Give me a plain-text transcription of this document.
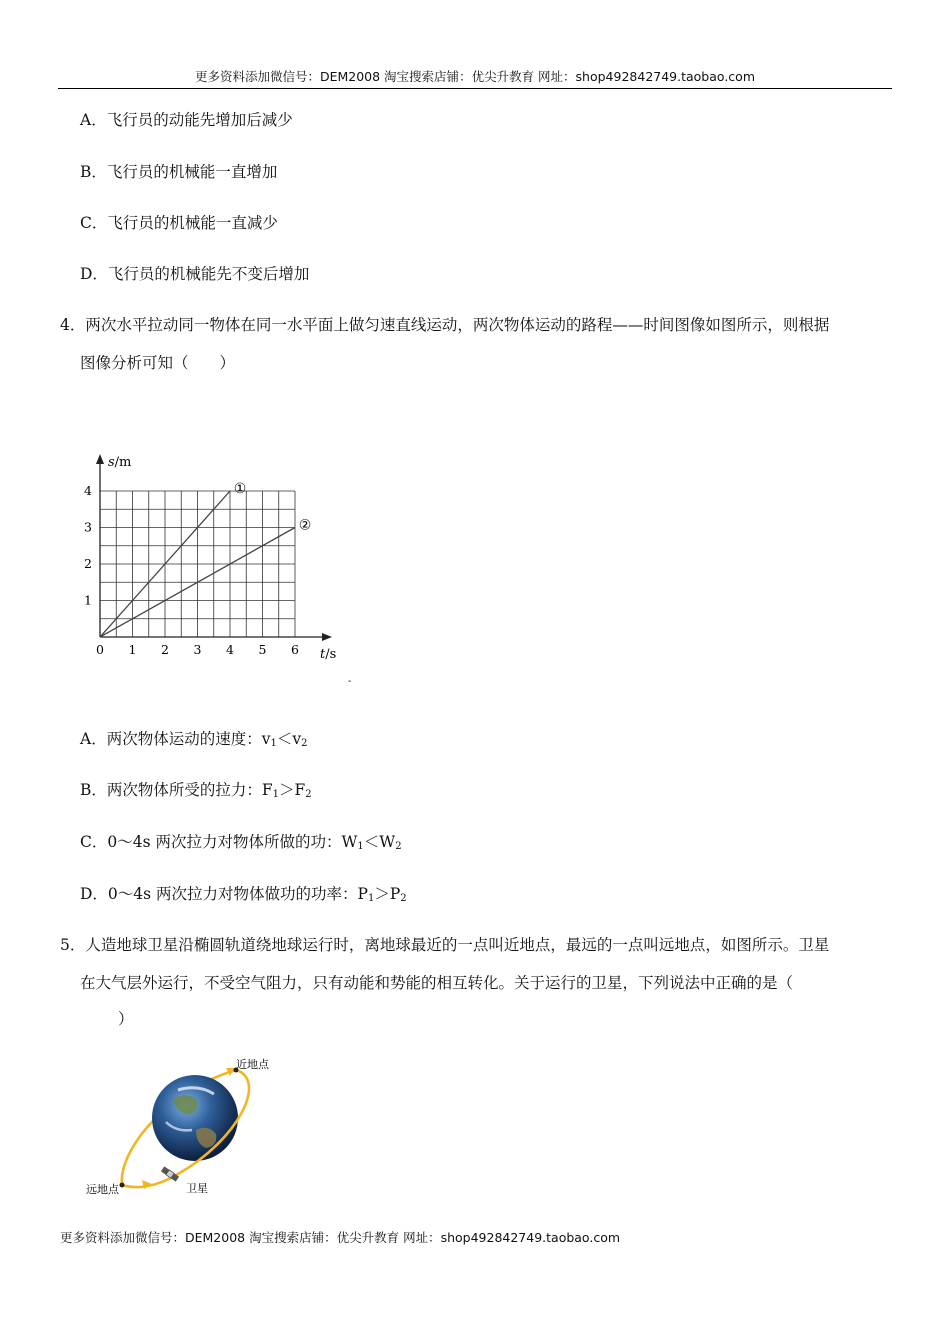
更多资料添加微信号：DEM2008 淘宝搜索店铺：优尖升教育 网址：shop492842749.taobao.com
A．飞行员的动能先增加后减少
B．飞行员的机械能一直增加
C．飞行员的机械能一直减少
D．飞行员的机械能先不变后增加
4．两次水平拉动同一物体在同一水平面上做匀速直线运动，两次物体运动的路程——时间图像如图所示，则根据
图像分析可知（　　）
①
②
0 1 2 3 4 5 6
1
2
3
4
s/m
t/s
-
A．两次物体运动的速度：$v_1<v_2$
B．两次物体所受的拉力：$F_1>F_2$
C．0～4s 两次拉力对物体所做的功：$W_1<W_2$
D．0～4s 两次拉力对物体做功的功率：$P_1>P_2$
5．人造地球卫星沿椭圆轨道绕地球运行时，离地球最近的一点叫近地点，最远的一点叫远地点，如图所示。卫星
在大气层外运行，不受空气阻力，只有动能和势能的相互转化。关于运行的卫星，下列说法中正确的是（
）
近地点
远地点	卫星
更多资料添加微信号：DEM2008 淘宝搜索店铺：优尖升教育 网址：shop492842749.taobao.com
